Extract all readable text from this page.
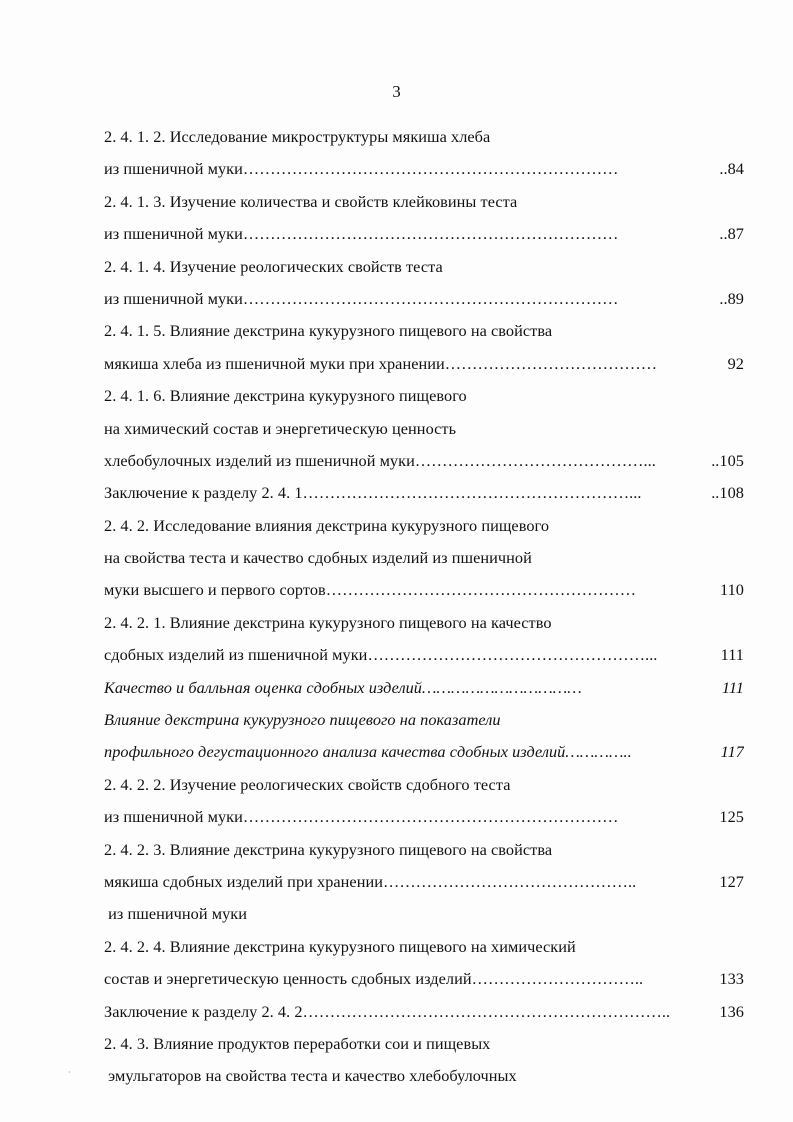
3
2. 4. 1. 2. Исследование микроструктуры мякиша хлеба
из пшеничной муки ……………………………………………………………	..84
2. 4. 1. 3. Изучение количества и свойств клейковины теста
из пшеничной муки ……………………………………………………………	..87
2. 4. 1. 4. Изучение реологических свойств теста
из пшеничной муки ……………………………………………………………	..89
2. 4. 1. 5. Влияние декстрина кукурузного пищевого на свойства
мякиша хлеба из пшеничной муки при хранении …………………………………	92
2. 4. 1. 6. Влияние декстрина кукурузного пищевого
на химический состав и энергетическую ценность
хлебобулочных изделий из пшеничной муки ……………………………………...	..105
Заключение к разделу 2. 4. 1 ……………………………………………………...	..108
2. 4. 2. Исследование влияния декстрина кукурузного пищевого
на свойства теста и качество сдобных изделий из пшеничной
муки высшего и первого сортов …………………………………………………	110
2. 4. 2. 1. Влияние декстрина кукурузного пищевого на качество
сдобных изделий из пшеничной муки ……………………………………………...	111
Качество и балльная оценка сдобных изделий ……………………………	111
Влияние декстрина кукурузного пищевого на показатели
профильного дегустационного анализа качества сдобных изделий …………..	117
2. 4. 2. 2. Изучение реологических свойств сдобного теста
из пшеничной муки ……………………………………………………………	125
2. 4. 2. 3. Влияние декстрина кукурузного пищевого на свойства
мякиша сдобных изделий при хранении ………………………………………..	127
из пшеничной муки
2. 4. 2. 4. Влияние декстрина кукурузного пищевого на химический
состав и энергетическую ценность сдобных изделий …………………………..	133
Заключение к разделу 2. 4. 2 …………………………………………………………..	136
2. 4. 3. Влияние продуктов переработки сои и пищевых
эмульгаторов на свойства теста и качество хлебобулочных
·
